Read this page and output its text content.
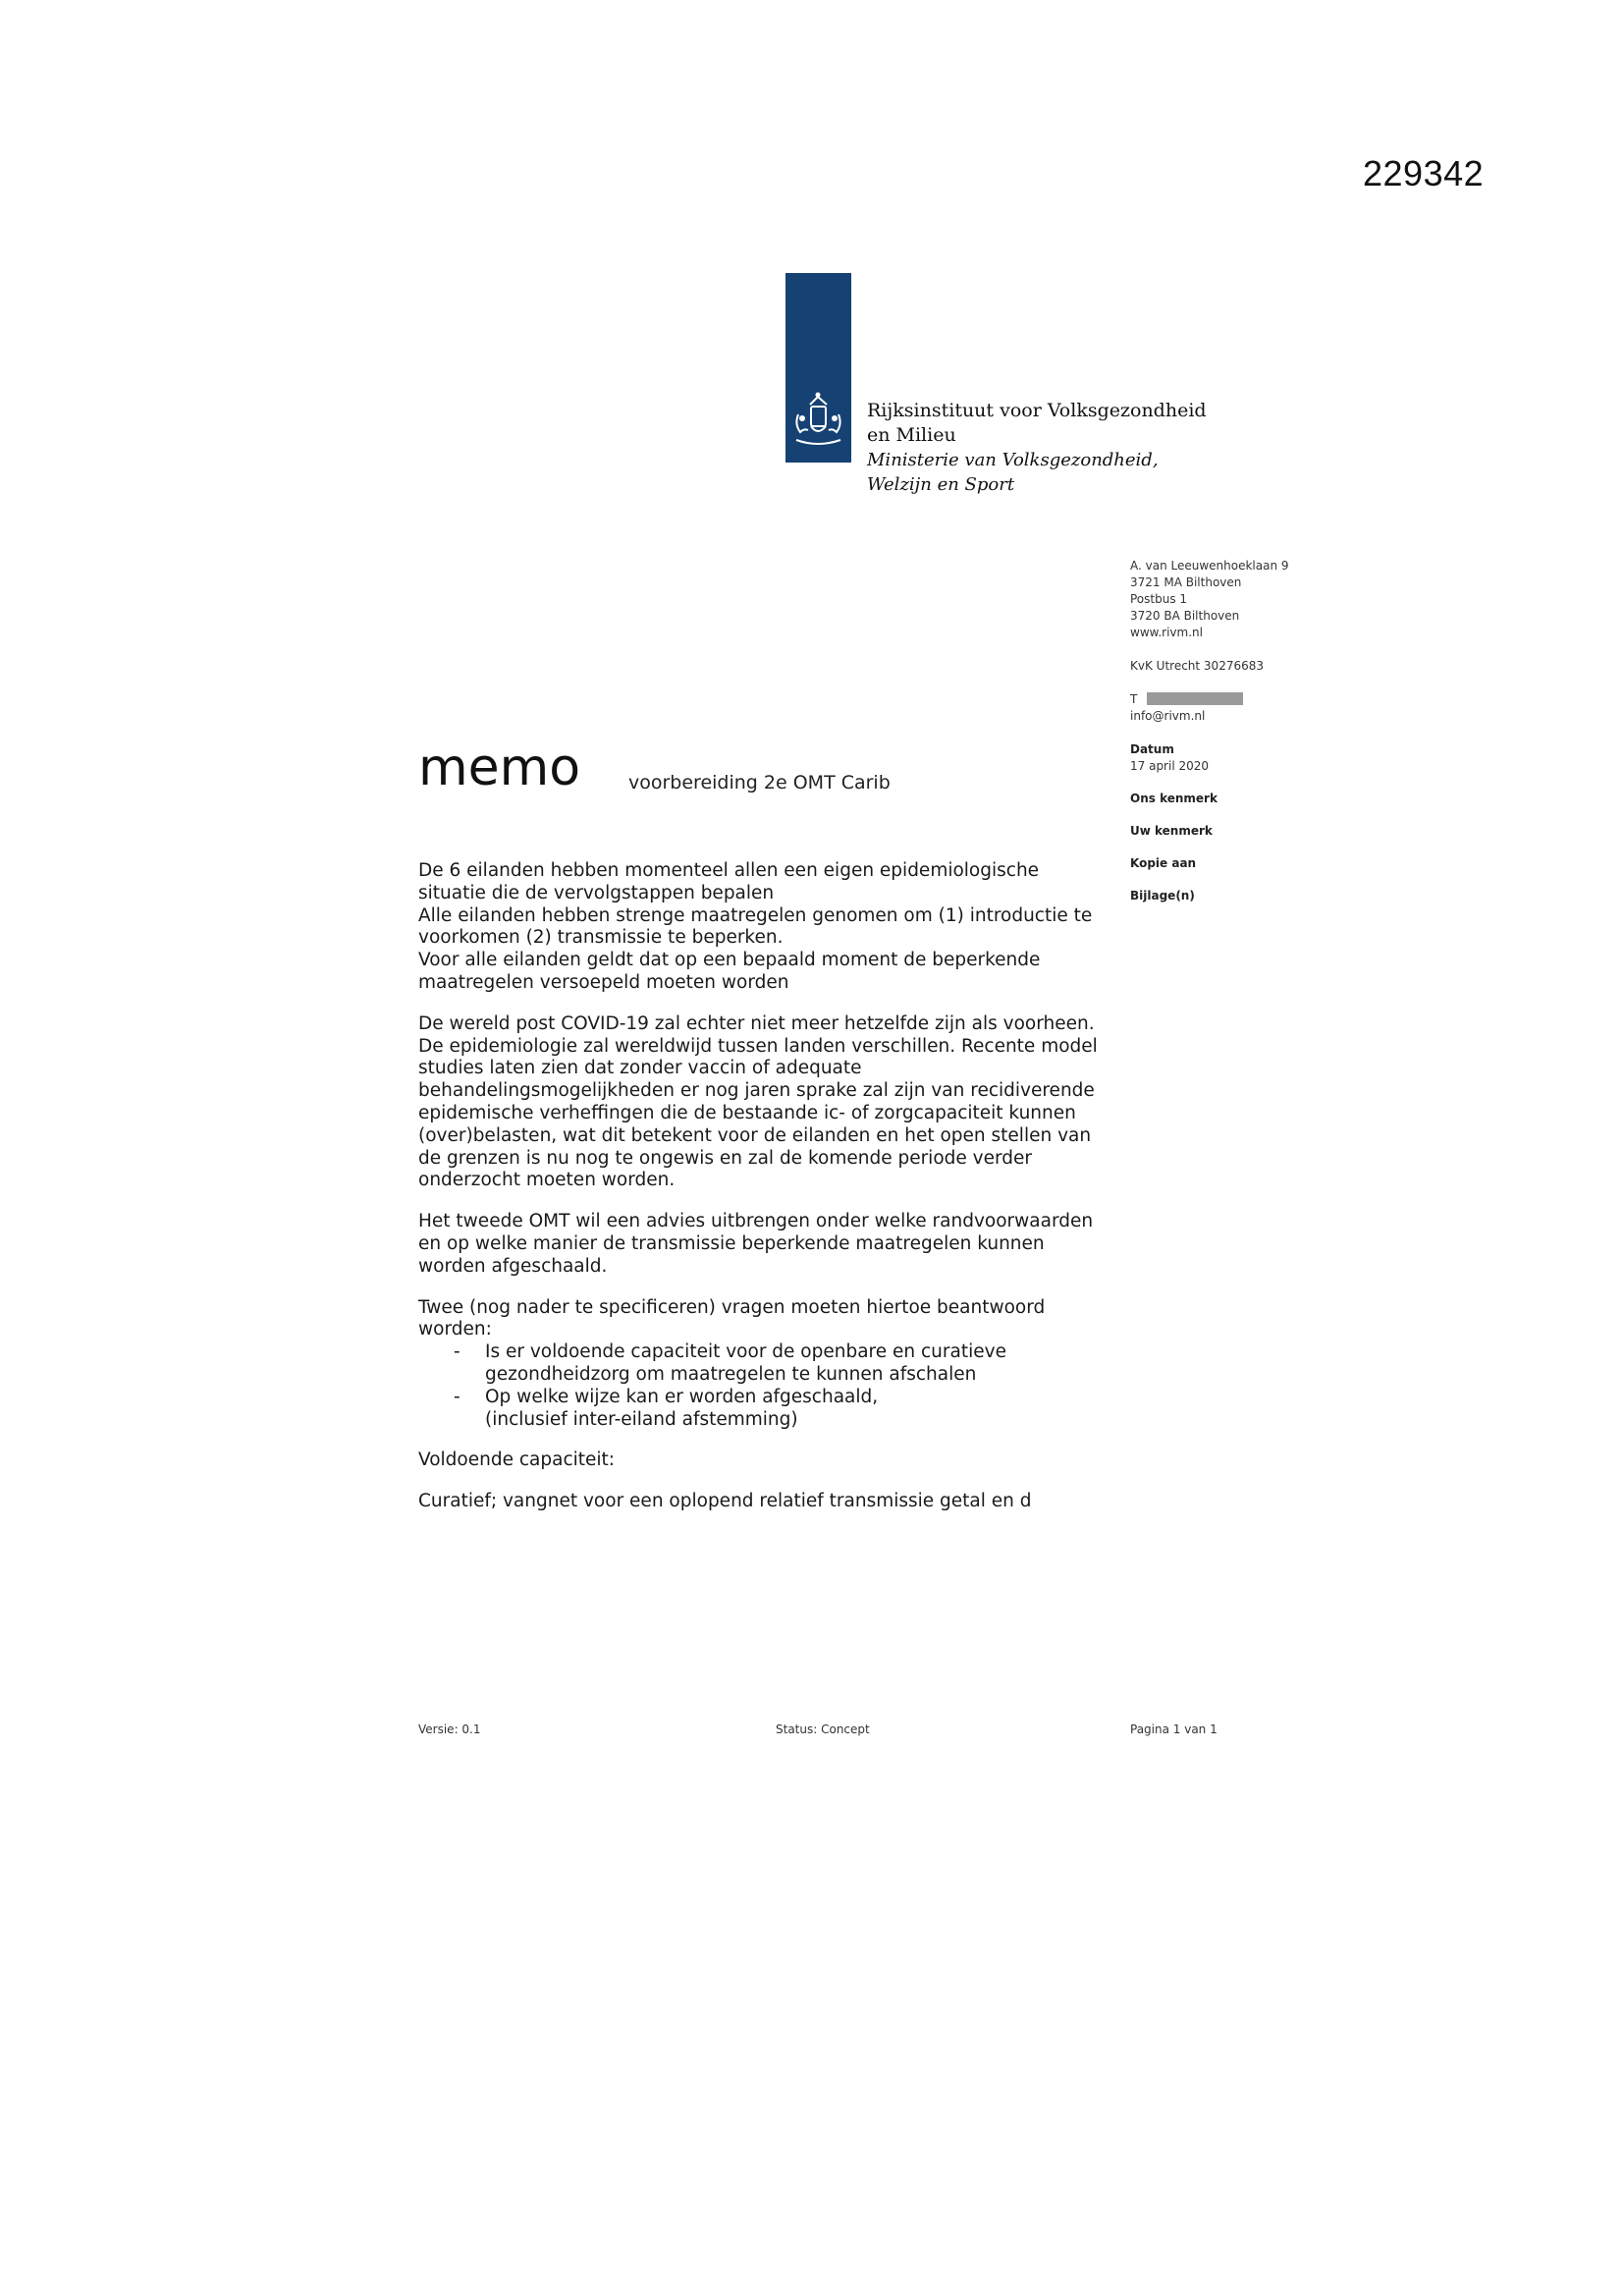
229342
Rijksinstituut voor Volksgezondheid
en Milieu
Ministerie van Volksgezondheid,
Welzijn en Sport
A. van Leeuwenhoeklaan 9
3721 MA Bilthoven
Postbus 1
3720 BA Bilthoven
www.rivm.nl
KvK Utrecht 30276683
T
info@rivm.nl
Datum
17 april 2020
Ons kenmerk
Uw kenmerk
Kopie aan
Bijlage(n)
memo	voorbereiding 2e OMT Carib

De 6 eilanden hebben momenteel allen een eigen epidemiologische
situatie die de vervolgstappen bepalen
Alle eilanden hebben strenge maatregelen genomen om (1) introductie te
voorkomen (2) transmissie te beperken.
Voor alle eilanden geldt dat op een bepaald moment de beperkende
maatregelen versoepeld moeten worden

De wereld post COVID-19 zal echter niet meer hetzelfde zijn als voorheen.
De epidemiologie zal wereldwijd tussen landen verschillen. Recente model
studies laten zien dat zonder vaccin of adequate
behandelingsmogelijkheden er nog jaren sprake zal zijn van recidiverende
epidemische verheffingen die de bestaande ic- of zorgcapaciteit kunnen
(over)belasten, wat dit betekent voor de eilanden en het open stellen van
de grenzen is nu nog te ongewis en zal de komende periode verder
onderzocht moeten worden.

Het tweede OMT wil een advies uitbrengen onder welke randvoorwaarden
en op welke manier de transmissie beperkende maatregelen kunnen
worden afgeschaald.

Twee (nog nader te specificeren) vragen moeten hiertoe beantwoord
worden:
- Is er voldoende capaciteit voor de openbare en curatieve
gezondheidzorg om maatregelen te kunnen afschalen
- Op welke wijze kan er worden afgeschaald,
(inclusief inter-eiland afstemming)

Voldoende capaciteit:

Curatief; vangnet voor een oplopend relatief transmissie getal en d

Versie: 0.1	Status: Concept	Pagina 1 van 1
